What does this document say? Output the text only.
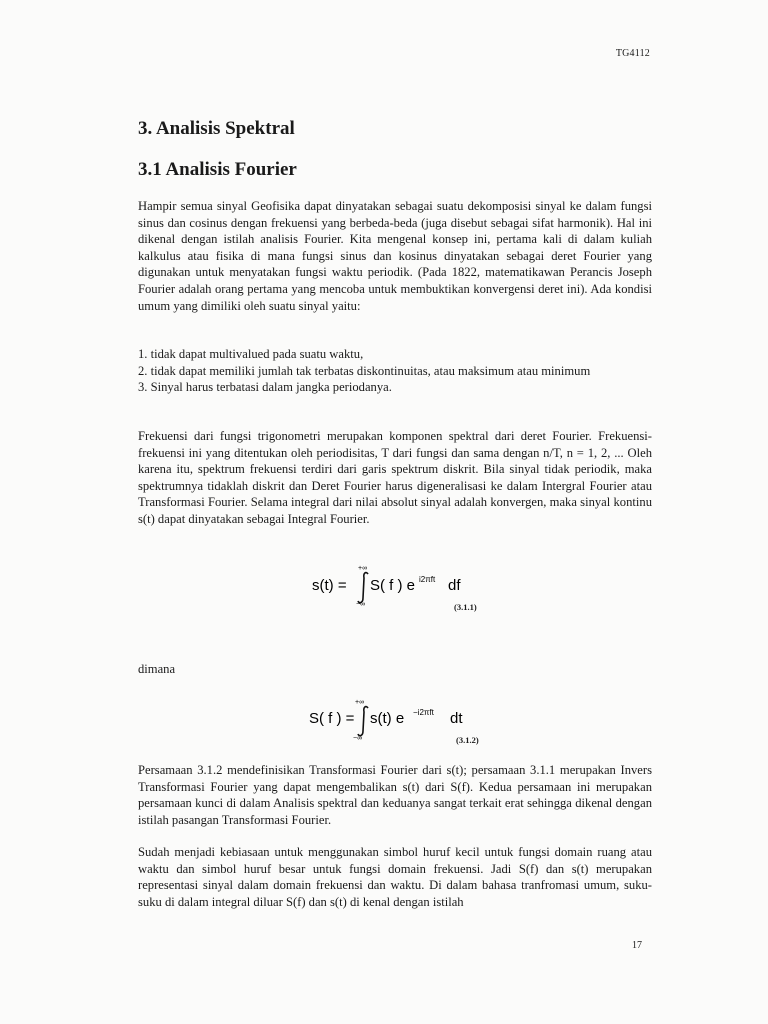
TG4112
3. Analisis Spektral
3.1 Analisis Fourier

Hampir semua sinyal Geofisika dapat dinyatakan sebagai suatu dekomposisi sinyal ke dalam fungsi sinus dan cosinus dengan frekuensi yang berbeda-beda (juga disebut sebagai sifat harmonik). Hal ini dikenal dengan istilah analisis Fourier. Kita mengenal konsep ini, pertama kali di dalam kuliah kalkulus atau fisika di mana fungsi sinus dan kosinus dinyatakan sebagai deret Fourier yang digunakan untuk menyatakan fungsi waktu periodik. (Pada 1822, matematikawan Perancis Joseph Fourier adalah orang pertama yang mencoba untuk membuktikan konvergensi deret ini). Ada kondisi umum yang dimiliki oleh suatu sinyal yaitu:

1. tidak dapat multivalued pada suatu waktu,
2. tidak dapat memiliki jumlah tak terbatas diskontinuitas, atau maksimum atau minimum
3. Sinyal harus terbatasi dalam jangka periodanya.

Frekuensi dari fungsi trigonometri merupakan komponen spektral dari deret Fourier. Frekuensi-frekuensi ini yang ditentukan oleh periodisitas, T dari fungsi dan sama dengan n/T, n = 1, 2, ... Oleh karena itu, spektrum frekuensi terdiri dari garis spektrum diskrit. Bila sinyal tidak periodik, maka spektrumnya tidaklah diskrit dan Deret Fourier harus digeneralisasi ke dalam Intergral Fourier atau Transformasi Fourier. Selama integral dari nilai absolut sinyal adalah konvergen, maka sinyal kontinu s(t) dapat dinyatakan sebagai Integral Fourier.

+∞
s(t) = S( f ) e i2πft df
−∞	(3.1.1)
dimana
+∞
S( f ) = s(t) e −i2πft dt
−∞	(3.1.2)

Persamaan 3.1.2 mendefinisikan Transformasi Fourier dari s(t); persamaan 3.1.1 merupakan Invers Transformasi Fourier yang dapat mengembalikan s(t) dari S(f). Kedua persamaan ini merupakan persamaan kunci di dalam Analisis spektral dan keduanya sangat terkait erat sehingga dikenal dengan istilah pasangan Transformasi Fourier.

Sudah menjadi kebiasaan untuk menggunakan simbol huruf kecil untuk fungsi domain ruang atau waktu dan simbol huruf besar untuk fungsi domain frekuensi. Jadi S(f) dan s(t) merupakan representasi sinyal dalam domain frekuensi dan waktu. Di dalam bahasa tranfromasi umum, suku-suku di dalam integral diluar S(f) dan s(t) di kenal dengan istilah

17
